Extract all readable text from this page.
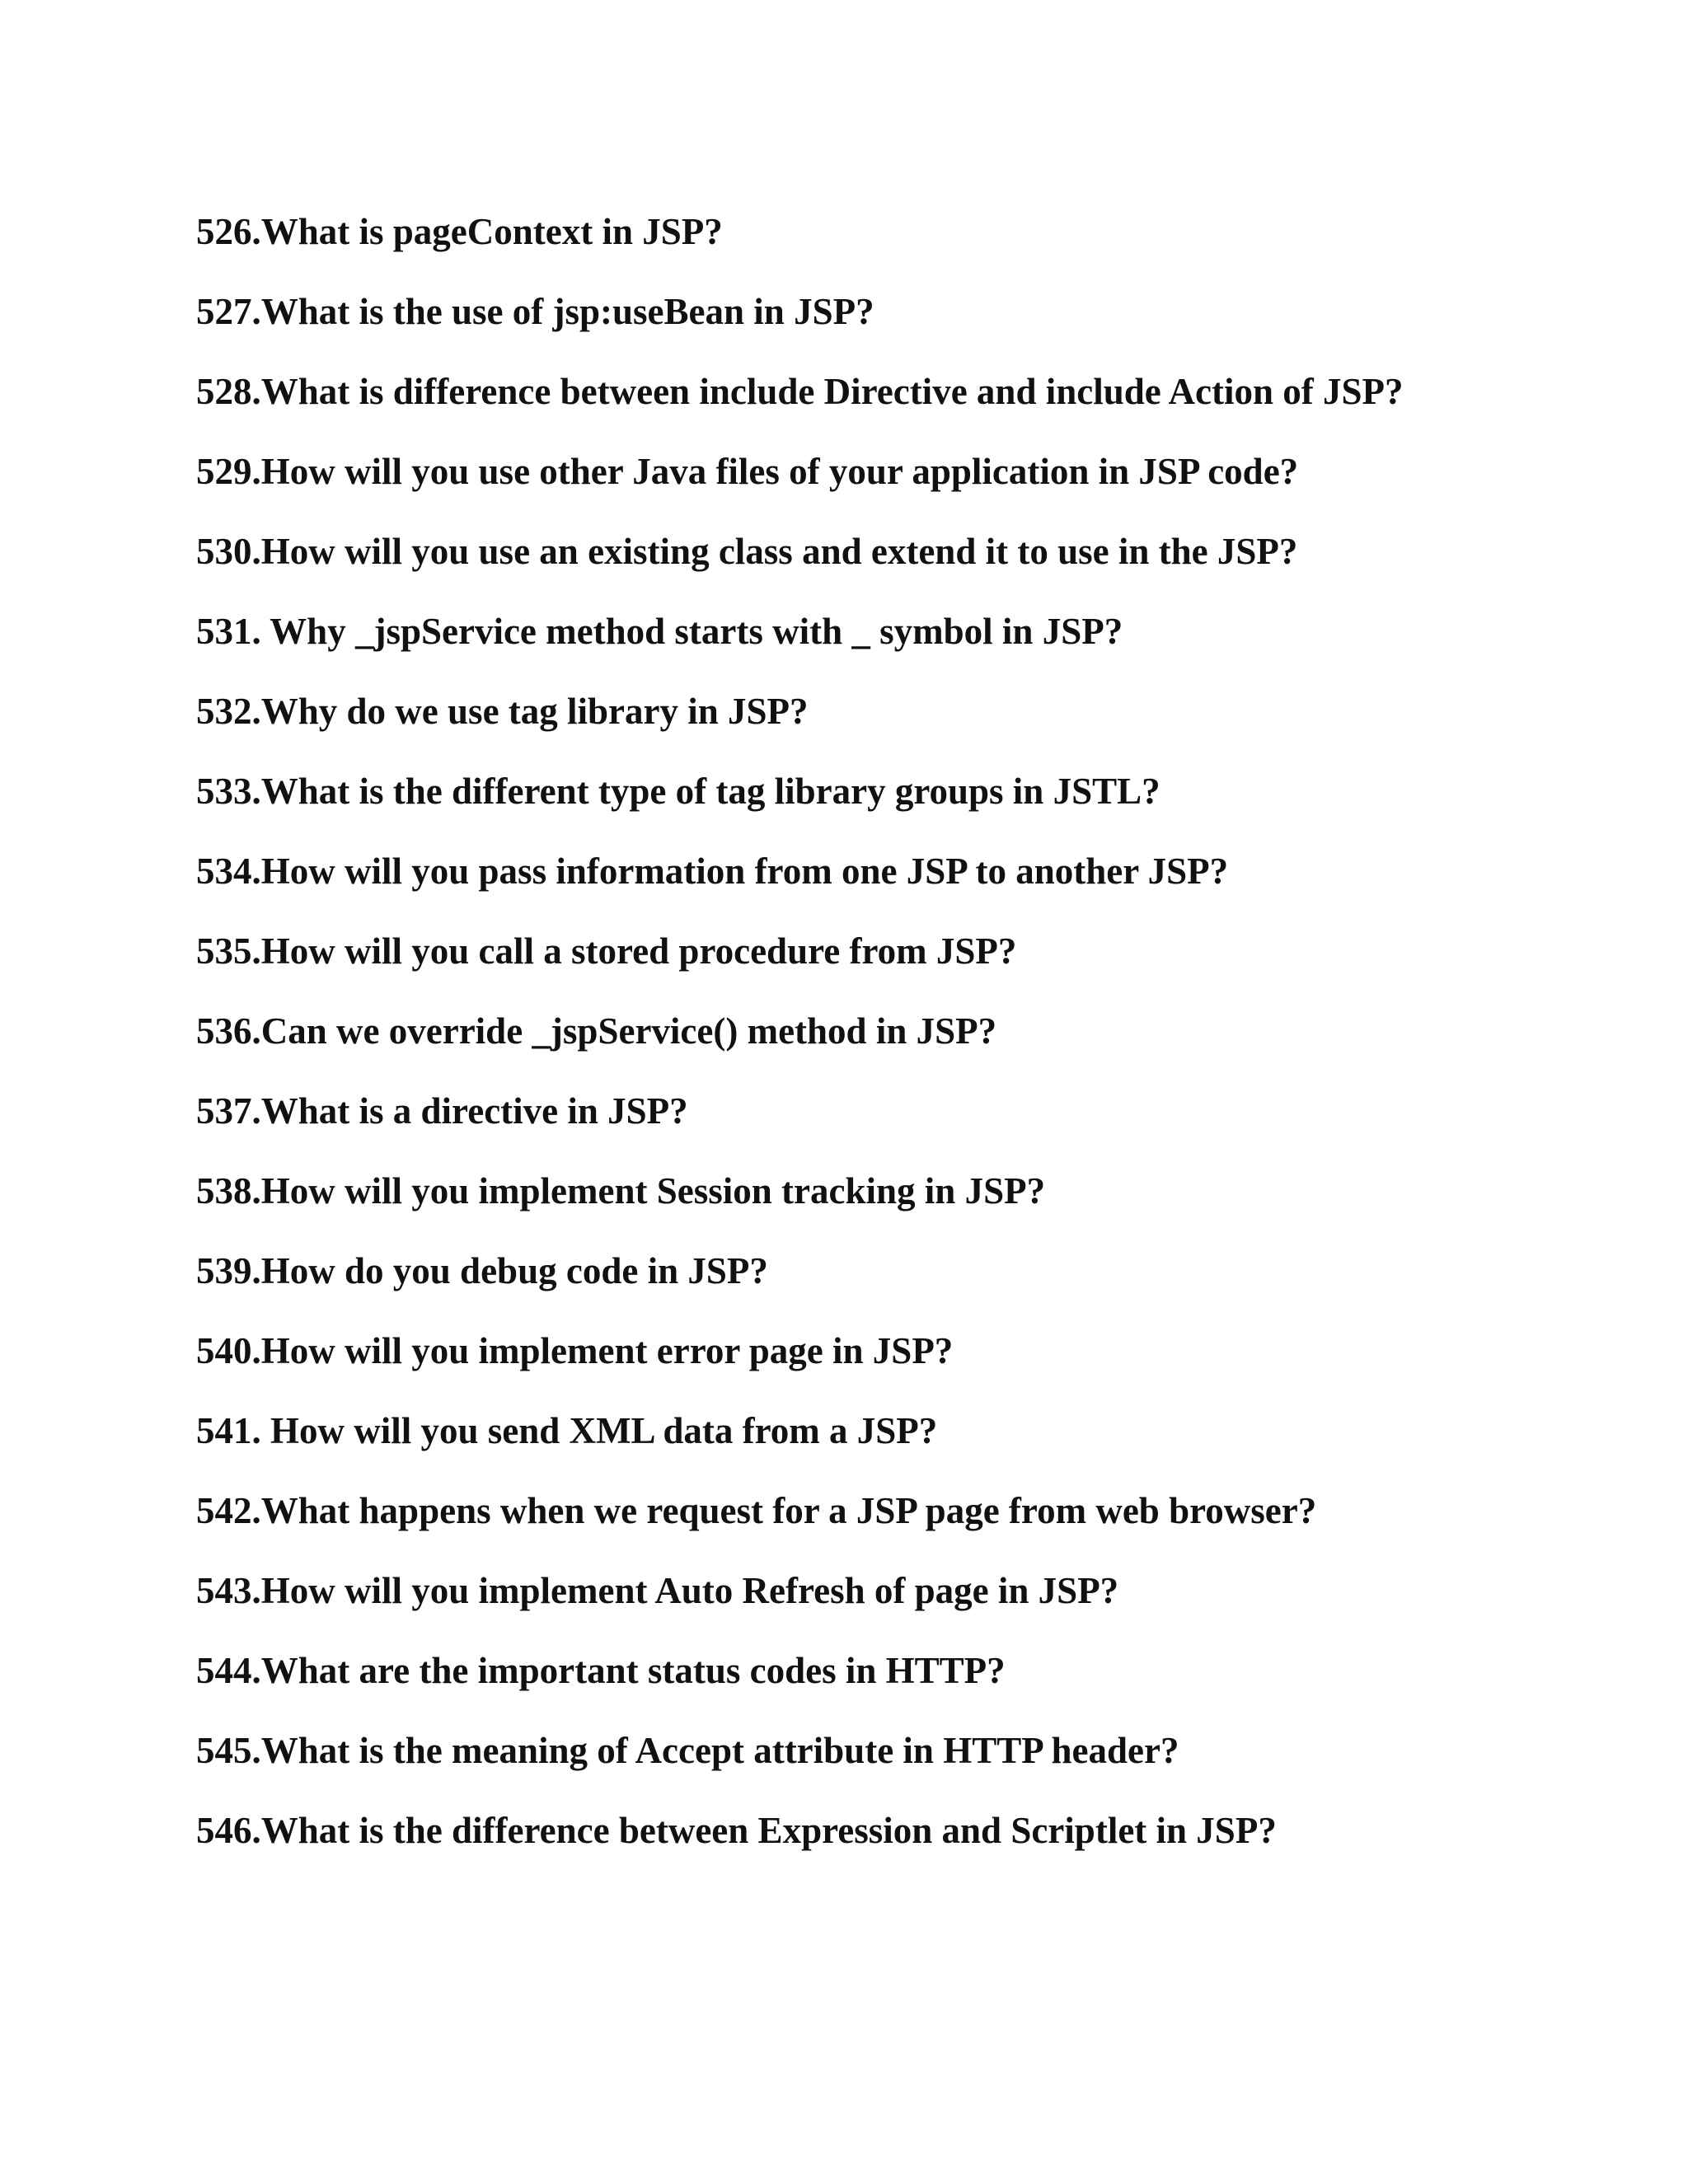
526.What is pageContext in JSP?
527.What is the use of jsp:useBean in JSP?
528.What is difference between include Directive and include Action of JSP?
529.How will you use other Java files of your application in JSP code?
530.How will you use an existing class and extend it to use in the JSP?
531. Why _jspService method starts with _ symbol in JSP?
532.Why do we use tag library in JSP?
533.What is the different type of tag library groups in JSTL?
534.How will you pass information from one JSP to another JSP?
535.How will you call a stored procedure from JSP?
536.Can we override _jspService() method in JSP?
537.What is a directive in JSP?
538.How will you implement Session tracking in JSP?
539.How do you debug code in JSP?
540.How will you implement error page in JSP?
541. How will you send XML data from a JSP?
542.What happens when we request for a JSP page from web browser?
543.How will you implement Auto Refresh of page in JSP?
544.What are the important status codes in HTTP?
545.What is the meaning of Accept attribute in HTTP header?
546.What is the difference between Expression and Scriptlet in JSP?
